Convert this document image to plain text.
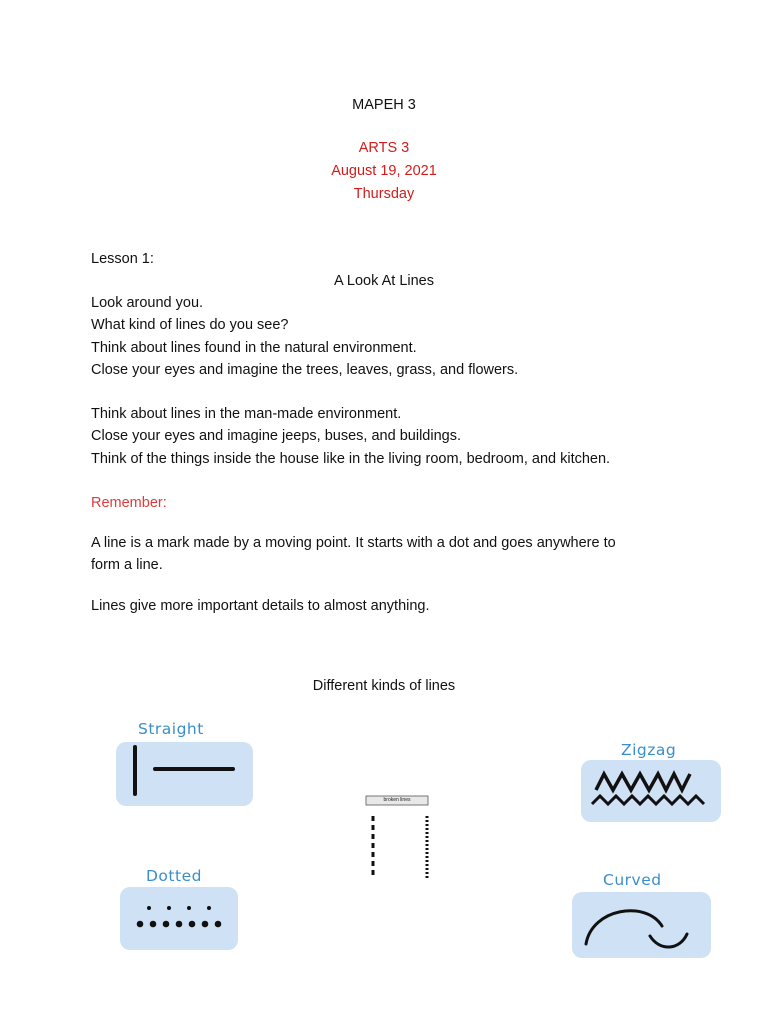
MAPEH 3
ARTS 3
August 19, 2021
Thursday
Lesson 1:
A Look At Lines
Look around you.
What kind of lines do you see?
Think about lines found in the natural environment.
Close your eyes and imagine the trees, leaves, grass, and flowers.
Think about lines in the man-made environment.
Close your eyes and imagine jeeps, buses, and buildings.
Think of the things inside the house like in the living room, bedroom, and kitchen.
Remember:
A line is a mark made by a moving point. It starts with a dot and goes anywhere to
form a line.
Lines give more important details to almost anything.
Different kinds of lines
Straight
Zigzag
broken lines
Dotted	Curved
